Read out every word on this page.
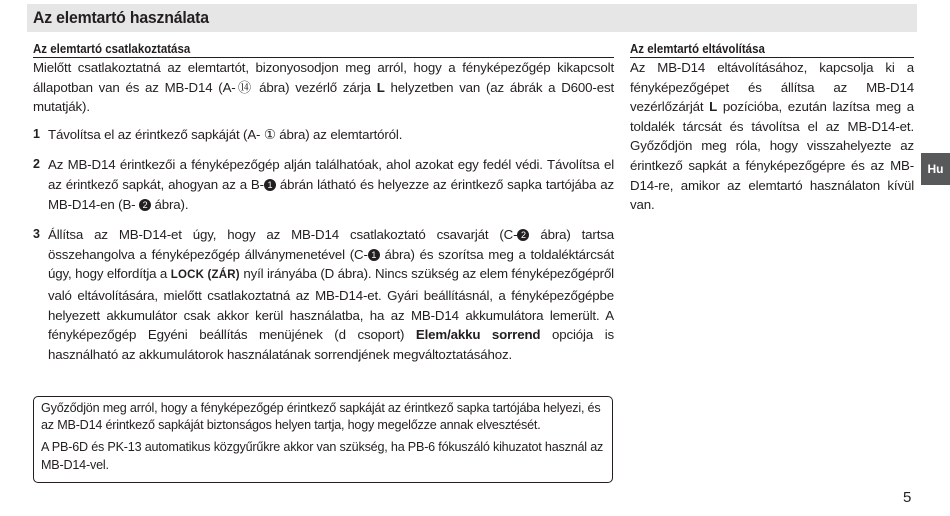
Az elemtartó használata
Az elemtartó csatlakoztatása

Mielőtt csatlakoztatná az elemtartót, bizonyosodjon meg arról, hogy a fényképezőgép kikapcsolt állapotban van és az MB-D14 (A-⑭ ábra) vezérlő zárja L helyzetben van (az ábrák a D600-est mutatják).

1 Távolítsa el az érintkező sapkáját (A- ① ábra) az elemtartóról.
2 Az MB-D14 érintkezői a fényképezőgép alján találhatóak, ahol azokat egy fedél védi. Távolítsa el az érintkező sapkát, ahogyan az a B- 1 ábrán látható és helyezze az érintkező sapka tartójába az MB-D14-en (B- 2 ábra).
3 Állítsa az MB-D14-et úgy, hogy az MB-D14 csatlakoztató csavarját (C- 2 ábra) tartsa összehangolva a fényképezőgép állványmenetével (C- 1 ábra) és szorítsa meg a toldaléktárcsát úgy, hogy elfordítja a LOCK (ZÁR) nyíl irányába (D ábra). Nincs szükség az elem fényképezőgépről való eltávolítására, mielőtt csatlakoztatná az MB-D14-et. Gyári beállításnál, a fényképezőgépbe helyezett akkumulátor csak akkor kerül használatba, ha az MB-D14 akkumulátora lemerült. A fényképezőgép Egyéni beállítás menüjének (d csoport) Elem/akku sorrend opciója is használható az akkumulátorok használatának sorrendjének megváltoztatásához.
Az elemtartó eltávolítása

Az MB-D14 eltávolításához, kapcsolja ki a fényképezőgépet és állítsa az MB-D14 vezérlőzárját L pozícióba, ezután lazítsa meg a toldalék tárcsát és távolítsa el az MB-D14-et. Győződjön meg róla, hogy visszahelyezte az érintkező sapkát a fényképezőgépre és az MB-D14-re, amikor az elemtartó használaton kívül van.

Győződjön meg arról, hogy a fényképezőgép érintkező sapkáját az érintkező sapka tartójába helyezi, és az MB-D14 érintkező sapkáját biztonságos helyen tartja, hogy megelőzze annak elvesztését.

A PB-6D és PK-13 automatikus közgyűrűkre akkor van szükség, ha PB-6 fókuszáló kihuzatot használ az MB-D14-vel.

Hu
5
